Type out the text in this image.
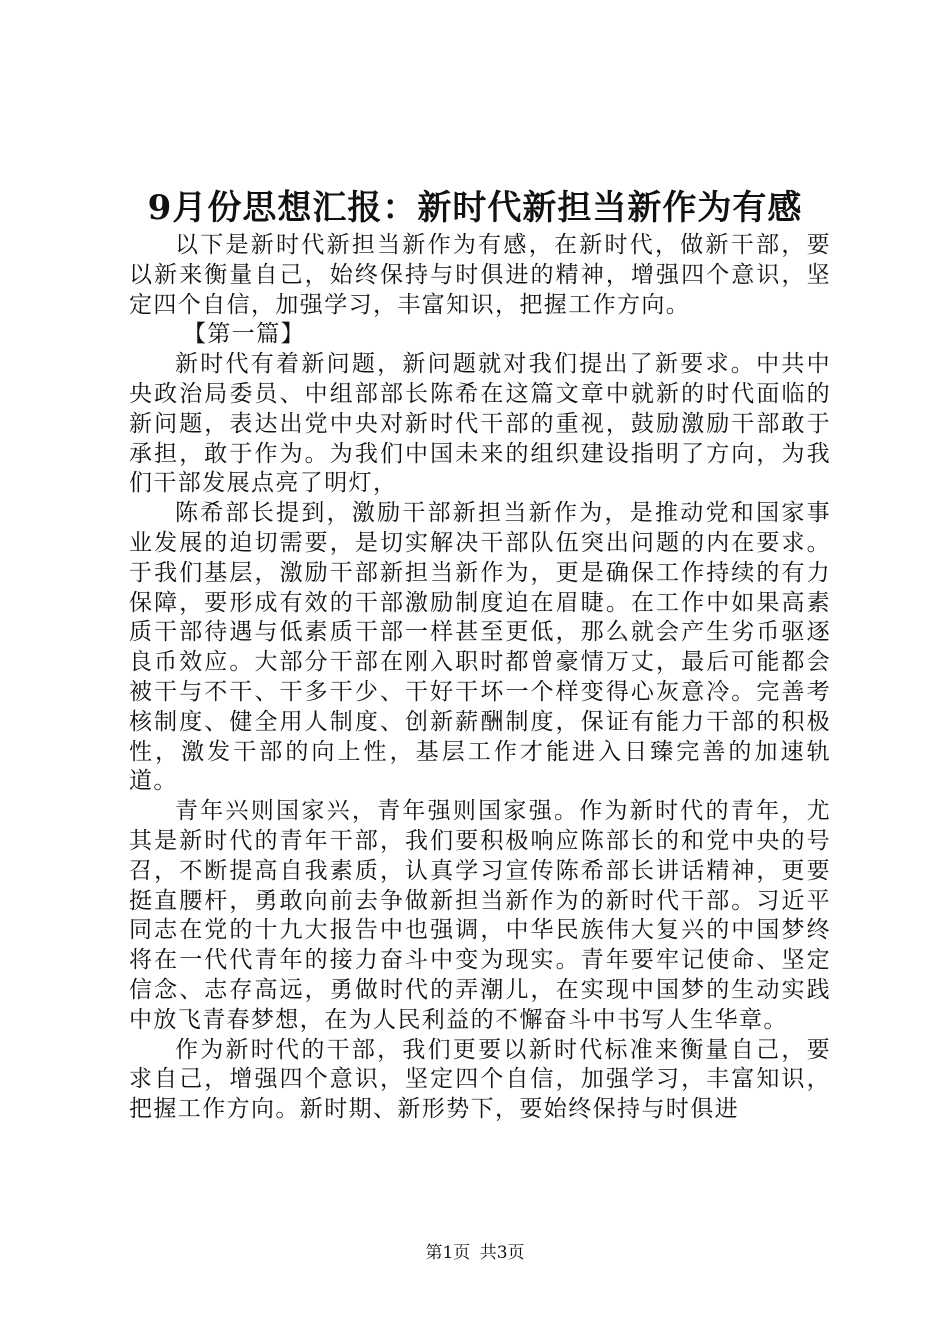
9月份思想汇报：新时代新担当新作为有感

以下是新时代新担当新作为有感，在新时代，做新干部，要以新来衡量自己，始终保持与时俱进的精神，增强四个意识，坚定四个自信，加强学习，丰富知识，把握工作方向。

【第一篇】

新时代有着新问题，新问题就对我们提出了新要求。中共中央政治局委员、中组部部长陈希在这篇文章中就新的时代面临的新问题，表达出党中央对新时代干部的重视，鼓励激励干部敢于承担，敢于作为。为我们中国未来的组织建设指明了方向，为我们干部发展点亮了明灯，

陈希部长提到，激励干部新担当新作为，是推动党和国家事业发展的迫切需要，是切实解决干部队伍突出问题的内在要求。于我们基层，激励干部新担当新作为，更是确保工作持续的有力保障，要形成有效的干部激励制度迫在眉睫。在工作中如果高素质干部待遇与低素质干部一样甚至更低，那么就会产生劣币驱逐良币效应。大部分干部在刚入职时都曾豪情万丈，最后可能都会被干与不干、干多干少、干好干坏一个样变得心灰意冷。完善考核制度、健全用人制度、创新薪酬制度，保证有能力干部的积极性，激发干部的向上性，基层工作才能进入日臻完善的加速轨道。

青年兴则国家兴，青年强则国家强。作为新时代的青年，尤其是新时代的青年干部，我们要积极响应陈部长的和党中央的号召，不断提高自我素质，认真学习宣传陈希部长讲话精神，更要挺直腰杆，勇敢向前去争做新担当新作为的新时代干部。习近平同志在党的十九大报告中也强调，中华民族伟大复兴的中国梦终将在一代代青年的接力奋斗中变为现实。青年要牢记使命、坚定信念、志存高远，勇做时代的弄潮儿，在实现中国梦的生动实践中放飞青春梦想，在为人民利益的不懈奋斗中书写人生华章。

作为新时代的干部，我们更要以新时代标准来衡量自己，要求自己，增强四个意识，坚定四个自信，加强学习，丰富知识，把握工作方向。新时期、新形势下，要始终保持与时俱进

第1页 共3页
